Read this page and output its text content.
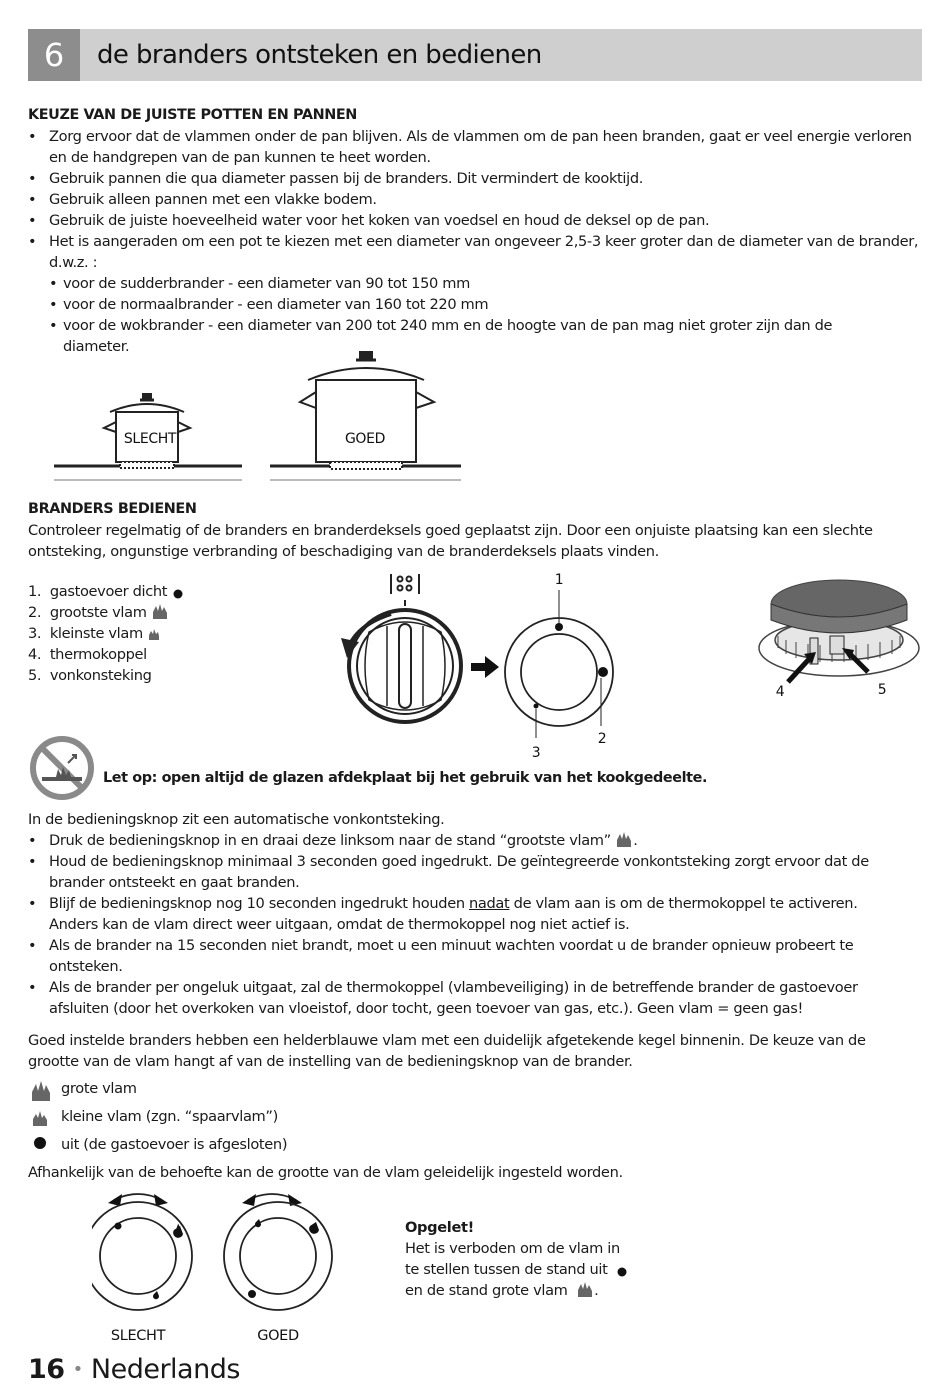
6	de branders ontsteken en bedienen
KEUZE VAN DE JUISTE POTTEN EN PANNEN
• Zorg ervoor dat de vlammen onder de pan blijven. Als de vlammen om de pan heen branden, gaat er veel energie verloren en de handgrepen van de pan kunnen te heet worden.
• Gebruik pannen die qua diameter passen bij de branders. Dit vermindert de kooktijd.
• Gebruik alleen pannen met een vlakke bodem.
• Gebruik de juiste hoeveelheid water voor het koken van voedsel en houd de deksel op de pan.
• Het is aangeraden om een pot te kiezen met een diameter van ongeveer 2,5-3 keer groter dan de diameter van de brander, d.w.z. :
• voor de sudderbrander - een diameter van 90 tot 150 mm
• voor de normaalbrander - een diameter van 160 tot 220 mm
• voor de wokbrander - een diameter van 200 tot 240 mm en de hoogte van de pan mag niet groter zijn dan de diameter.
SLECHT	GOED
BRANDERS BEDIENEN
Controleer regelmatig of de branders en branderdeksels goed geplaatst zijn. Door een onjuiste plaatsing kan een slechte ontsteking, ongunstige verbranding of beschadiging van de branderdeksels plaats vinden.
1. gastoevoer dicht
2. grootste vlam
3. kleinste vlam
4. thermokoppel
5. vonkonsteking
1
2
3
4	5
Let op: open altijd de glazen afdekplaat bij het gebruik van het kookgedeelte.
In de bedieningsknop zit een automatische vonkontsteking.
• Druk de bedieningsknop in en draai deze linksom naar de stand “grootste vlam” .
• Houd de bedieningsknop minimaal 3 seconden goed ingedrukt. De geïntegreerde vonkontsteking zorgt ervoor dat de brander ontsteekt en gaat branden.
• Blijf de bedieningsknop nog 10 seconden ingedrukt houden nadat de vlam aan is om de thermokoppel te activeren. Anders kan de vlam direct weer uitgaan, omdat de thermokoppel nog niet actief is.
• Als de brander na 15 seconden niet brandt, moet u een minuut wachten voordat u de brander opnieuw probeert te ontsteken.
• Als de brander per ongeluk uitgaat, zal de thermokoppel (vlambeveiliging) in de betreffende brander de gastoevoer afsluiten (door het overkoken van vloeistof, door tocht, geen toevoer van gas, etc.). Geen vlam = geen gas!
Goed instelde branders hebben een helderblauwe vlam met een duidelijk afgetekende kegel binnenin. De keuze van de grootte van de vlam hangt af van de instelling van de bedieningsknop van de brander.
grote vlam
kleine vlam (zgn. “spaarvlam”)
uit (de gastoevoer is afgesloten)
Afhankelijk van de behoefte kan de grootte van de vlam geleidelijk ingesteld worden.
SLECHT	GOED
Opgelet!
Het is verboden om de vlam in
te stellen tussen de stand uit
en de stand grote vlam .
16 • Nederlands
